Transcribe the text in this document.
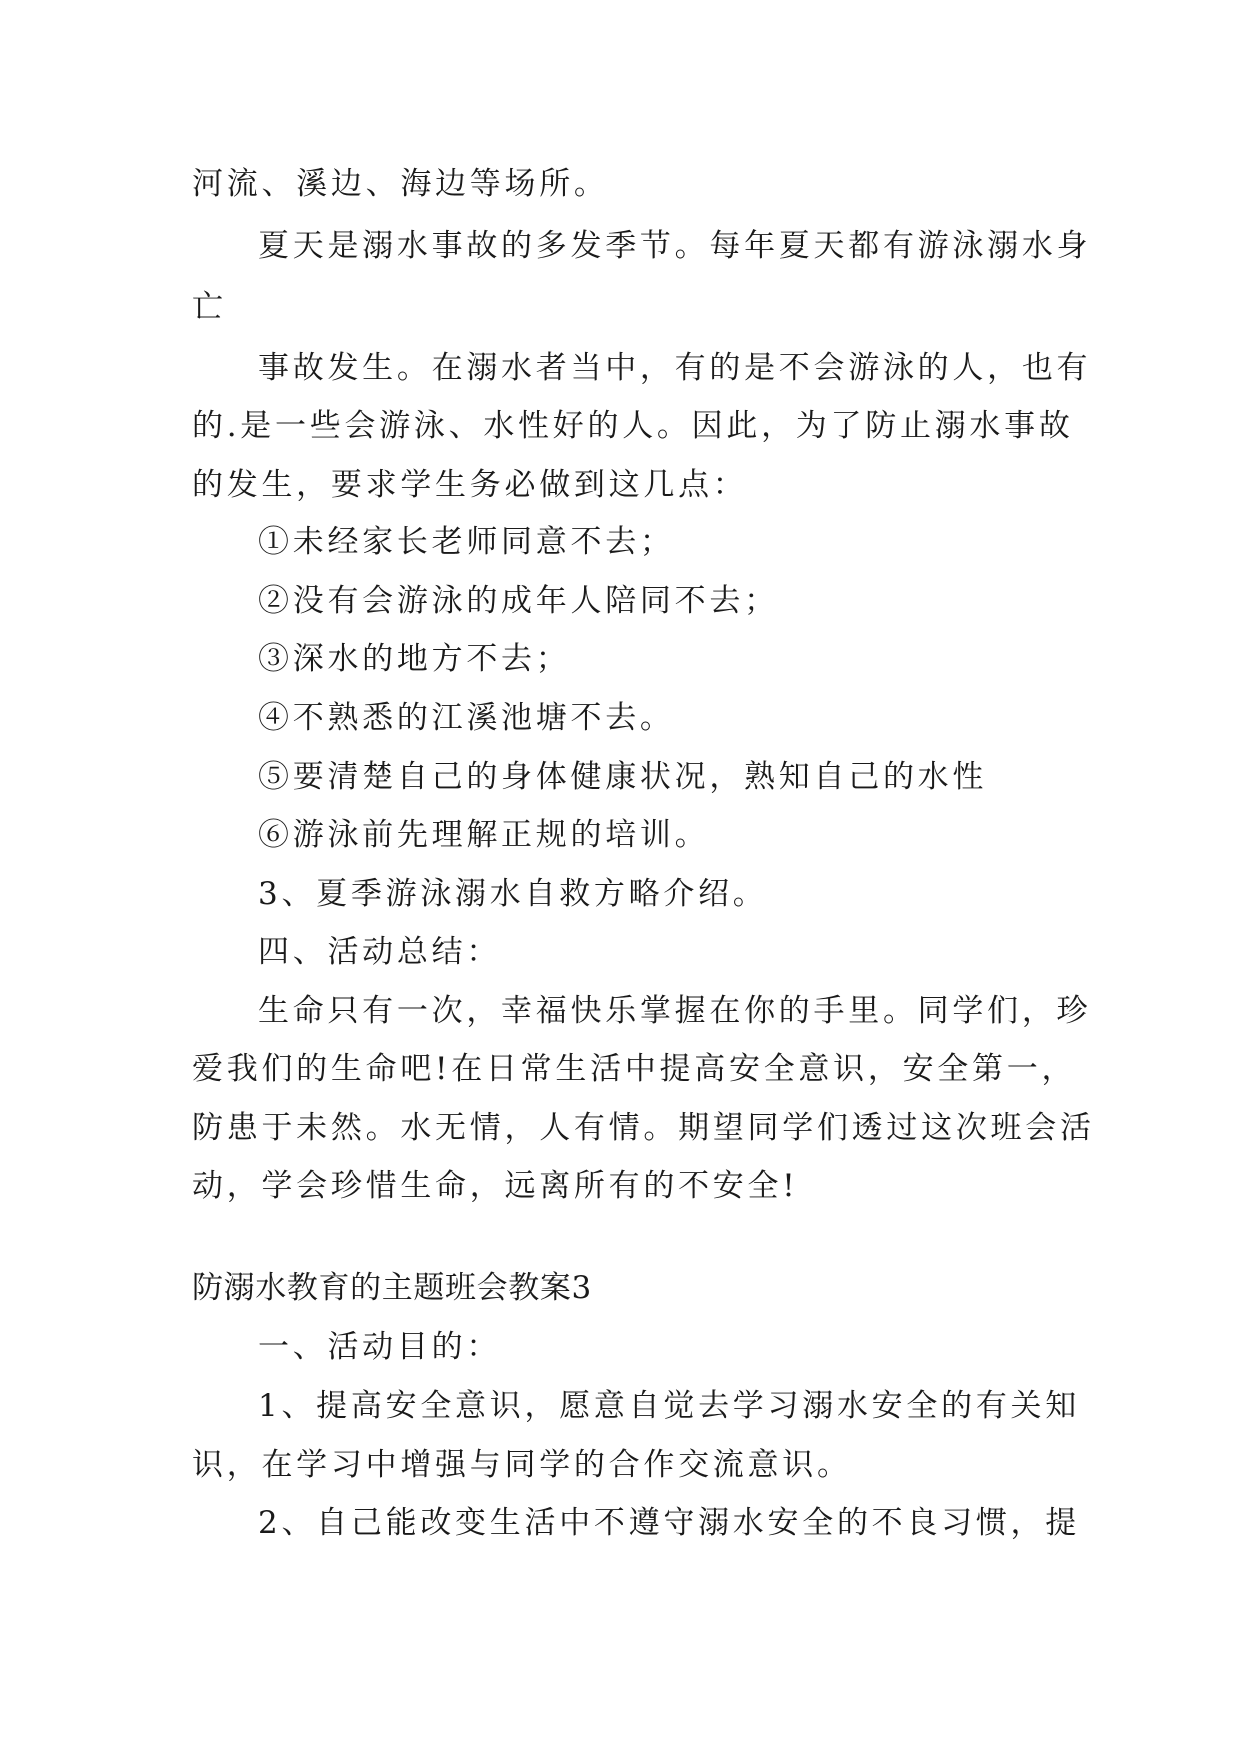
河流、溪边、海边等场所。

夏天是溺水事故的多发季节。每年夏天都有游泳溺水身

亡

事故发生。在溺水者当中，有的是不会游泳的人，也有

的.是一些会游泳、水性好的人。因此，为了防止溺水事故

的发生，要求学生务必做到这几点：

①未经家长老师同意不去；

②没有会游泳的成年人陪同不去；

③深水的地方不去；

④不熟悉的江溪池塘不去。

⑤要清楚自己的身体健康状况，熟知自己的水性

⑥游泳前先理解正规的培训。

3、夏季游泳溺水自救方略介绍。

四、活动总结：

生命只有一次，幸福快乐掌握在你的手里。同学们，珍

爱我们的生命吧!在日常生活中提高安全意识，安全第一，

防患于未然。水无情，人有情。期望同学们透过这次班会活

动，学会珍惜生命，远离所有的不安全!

防溺水教育的主题班会教案3

一、活动目的：

1、提高安全意识，愿意自觉去学习溺水安全的有关知

识，在学习中增强与同学的合作交流意识。

2、自己能改变生活中不遵守溺水安全的不良习惯，提
